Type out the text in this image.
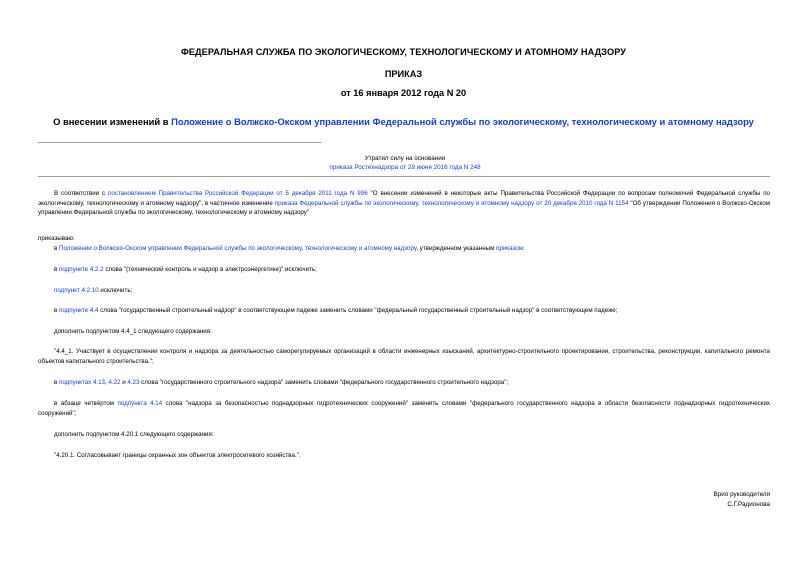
ФЕДЕРАЛЬНАЯ СЛУЖБА ПО ЭКОЛОГИЧЕСКОМУ, ТЕХНОЛОГИЧЕСКОМУ И АТОМНОМУ НАДЗОРУ
ПРИКАЗ
от 16 января 2012 года N 20
О внесении изменений в Положение о Волжско-Окском управлении Федеральной службы по экологическому, технологическому и атомному надзору
Утратил силу на основании
приказа Ростехнадзора от 28 июня 2016 года N 248
В соответствии с постановлением Правительства Российской Федерации от 5 декабря 2011 года N 996 "О внесении изменений в некоторые акты Правительства Российской Федерации по вопросам полномочий Федеральной службы по экологическому, технологическому и атомному надзору", в частичное изменение приказа Федеральной службы по экологическому, технологическому и атомному надзору от 20 декабря 2010 года N 1154 "Об утверждении Положения о Волжско-Окском управлении Федеральной службы по экологическому, технологическому и атомному надзору"
приказываю:
в Положении о Волжско-Окском управлении Федеральной службы по экологическому, технологическому и атомному надзору, утвержденном указанным приказом:
в подпункте 4.2.2 слова "(технический контроль и надзор в электроэнергетике)" исключить;
подпункт 4.2.10 исключить;
в подпункте 4.4 слова "государственный строительный надзор" в соответствующем падеже заменить словами "федеральный государственный строительный надзор" в соответствующем падеже;
дополнить подпунктом 4.4_1 следующего содержания:
"4.4_1. Участвует в осуществлении контроля и надзора за деятельностью саморегулируемых организаций в области инженерных изысканий, архитектурно-строительного проектирования, строительства, реконструкции, капитального ремонта объектов капитального строительства.";
в подпунктах 4.13, 4.22 и 4.23 слова "государственного строительного надзора" заменить словами "федерального государственного строительного надзора";
в абзаце четвёртом подпункта 4.14 слова "надзора за безопасностью поднадзорных гидротехнических сооружений" заменить словами "федерального государственного надзора в области безопасности поднадзорных гидротехнических сооружений";
дополнить подпунктом 4.20.1 следующего содержания:
"4.20.1. Согласовывает границы охранных зон объектов электросетевого хозяйства.".
Врио руководителя
С.Г.Радионова
